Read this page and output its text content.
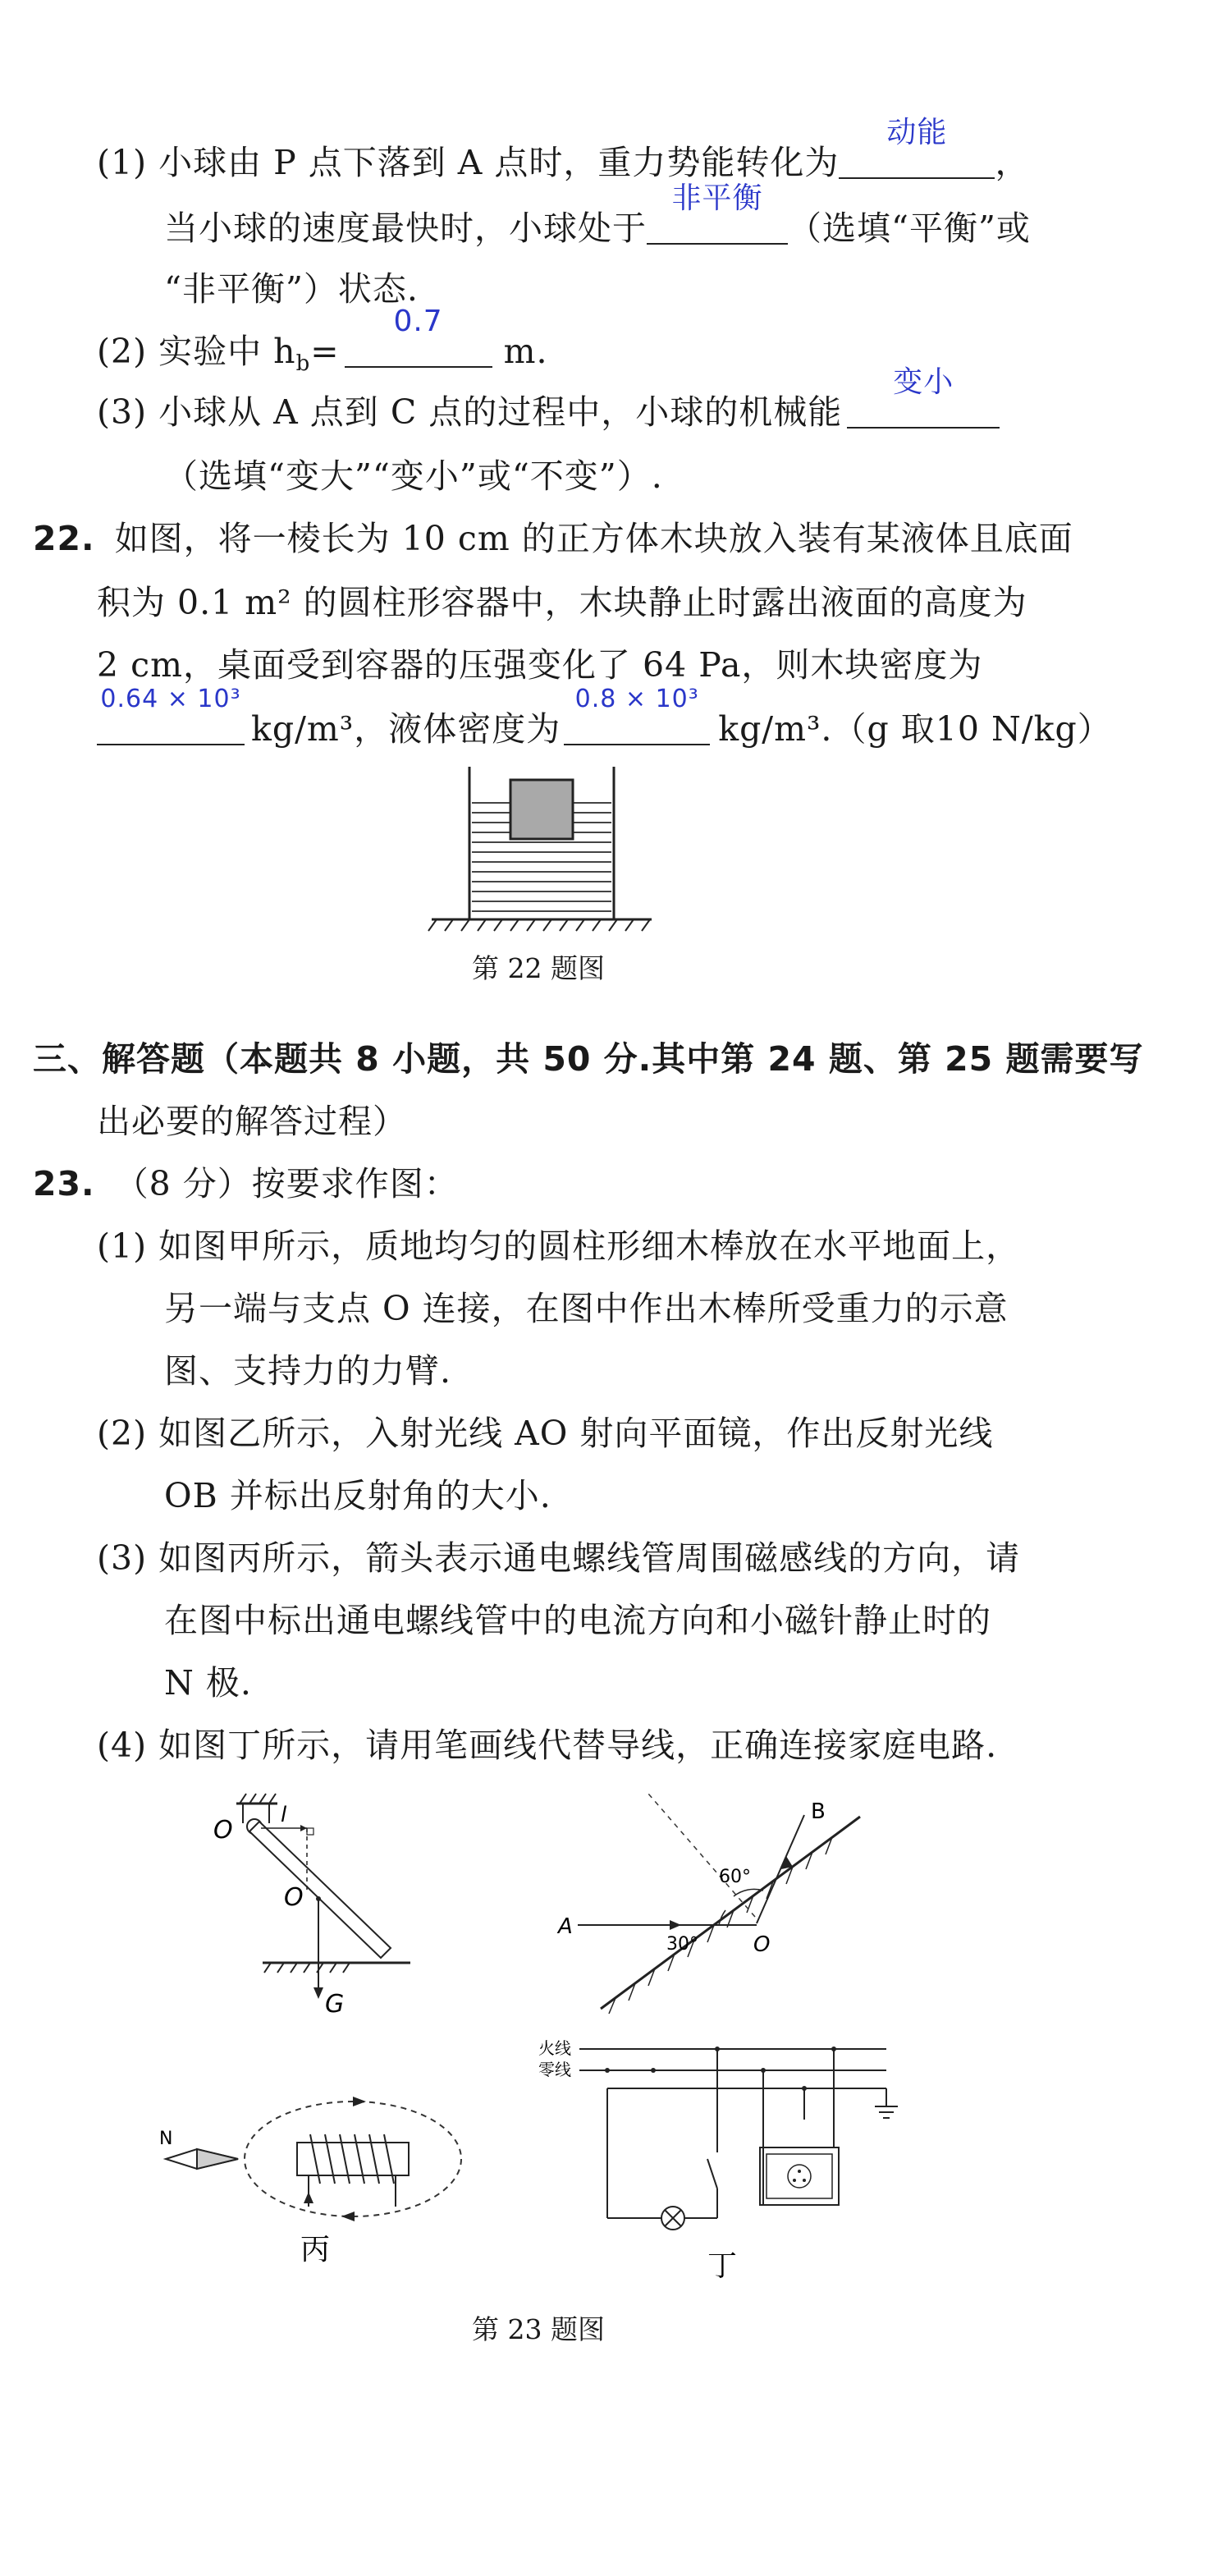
(1) 小球由 P 点下落到 A 点时，重力势能转化为
动能
，
当小球的速度最快时，小球处于
非平衡
（选填“平衡”或
“非平衡”）状态.
(2) 实验中 $h_b=$
0.7
m.
(3) 小球从 A 点到 C 点的过程中，小球的机械能
变小
（选填“变大”“变小”或“不变”）.
22. 如图，将一棱长为 10 cm 的正方体木块放入装有某液体且底面
积为 0.1 m² 的圆柱形容器中，木块静止时露出液面的高度为
2 cm，桌面受到容器的压强变化了 64 Pa，则木块密度为
0.64 × 10³
kg/m³，液体密度为
0.8 × 10³
kg/m³.（g 取10 N/kg）
第 22 题图
三、解答题（本题共 8 小题，共 50 分.其中第 24 题、第 25 题需要写
出必要的解答过程）
23. （8 分）按要求作图：
(1) 如图甲所示，质地均匀的圆柱形细木棒放在水平地面上，
另一端与支点 O 连接，在图中作出木棒所受重力的示意
图、支持力的力臂.
(2) 如图乙所示，入射光线 AO 射向平面镜，作出反射光线
OB 并标出反射角的大小.
(3) 如图丙所示，箭头表示通电螺线管周围磁感线的方向，请
在图中标出通电螺线管中的电流方向和小磁针静止时的
N 极.
(4) 如图丁所示，请用笔画线代替导线，正确连接家庭电路.
O
l
O
G
A
B
O
60°
30°
N
丙
火线
零线
丁
第 23 题图
